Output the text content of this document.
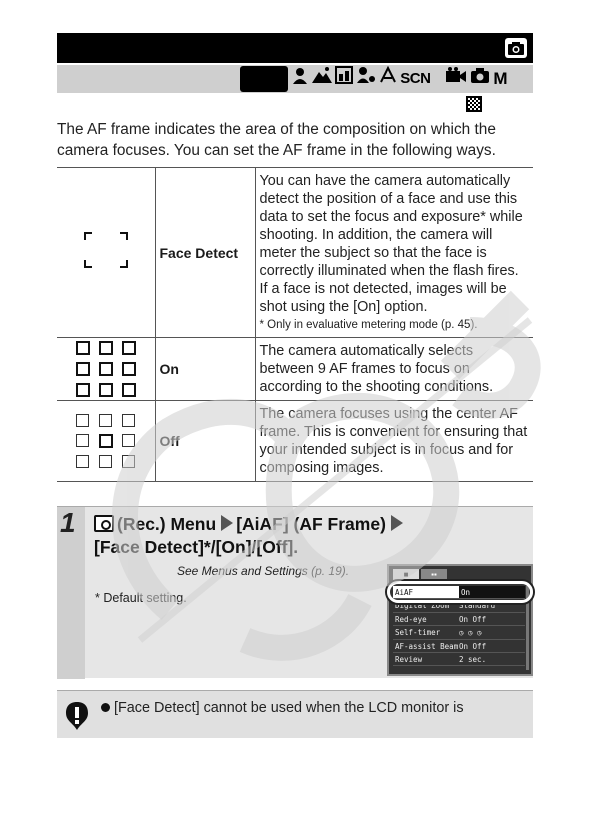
AUTO	SCN	M

The AF frame indicates the area of the composition on which the camera focuses. You can set the AF frame in the following ways.

	Face Detect	You can have the camera automatically detect the position of a face and use this data to set the focus and exposure* while shooting. In addition, the camera will meter the subject so that the face is correctly illuminated when the flash fires. If a face is not detected, images will be shot using the [On] option.
* Only in evaluative metering mode (p. 45).

	On	The camera automatically selects between 9 AF frames to focus on according to the shooting conditions.

	Off	The camera focuses using the center AF frame. This is convenient for ensuring that your intended subject is in focus and for composing images.
1	(Rec.) Menu [AiAF] (AF Frame)
[Face Detect]*/[On]/[Off].
See Menus and Settings (p. 19).
* Default setting.
■	▪▪
AiAF	On
Digital Zoom	Standard
Red-eye	On Off
Self-timer	◷ ◷ ◷
AF-assist Beam On Off
Review	2 sec.
[Face Detect] cannot be used when the LCD monitor is
